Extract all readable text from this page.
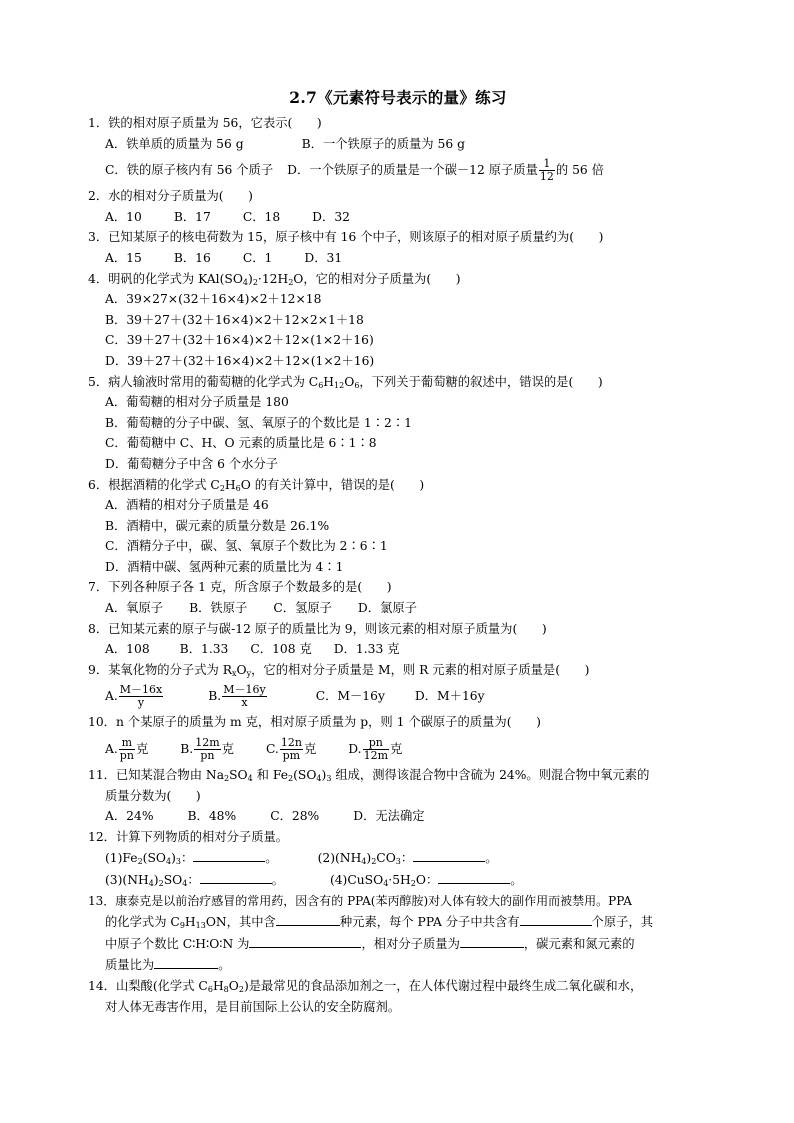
2.7《元素符号表示的量》练习
1．铁的相对原子质量为 56，它表示(　　)
A．铁单质的质量为 56 g	B．一个铁原子的质量为 56 g
C．铁的原子核内有 56 个质子 D．一个铁原子的质量是一个碳－12 原子质量 $\frac{1}{12}$ 的 56 倍
2．水的相对分子质量为(　　)
A．10	B．17	C．18	D．32
3．已知某原子的核电荷数为 15，原子核中有 16 个中子，则该原子的相对原子质量约为(　　)
A．15	B．16	C．1	D．31
4．明矾的化学式为 $KAl(SO_4)_2\cdot 12H_2O$，它的相对分子质量为(　　)
A．39×27×(32＋16×4)×2＋12×18
B．39＋27＋(32＋16×4)×2＋12×2×1＋18
C．39＋27＋(32＋16×4)×2＋12×(1×2＋16)
D．39＋27＋(32＋16×4)×2＋12×(1×2＋16)
5．病人输液时常用的葡萄糖的化学式为 $C_6H_{12}O_6$，下列关于葡萄糖的叙述中，错误的是(　　)
A．葡萄糖的相对分子质量是 180
B．葡萄糖的分子中碳、氢、氧原子的个数比是 1∶2∶1
C．葡萄糖中 C、H、O 元素的质量比是 6∶1∶8
D．葡萄糖分子中含 6 个水分子
6．根据酒精的化学式 $C_2H_6O$ 的有关计算中，错误的是(　　)
A．酒精的相对分子质量是 46
B．酒精中，碳元素的质量分数是 26.1%
C．酒精分子中，碳、氢、氧原子个数比为 2∶6∶1
D．酒精中碳、氢两种元素的质量比为 4∶1
7．下列各种原子各 1 克，所含原子个数最多的是(　　)
A．氧原子 B．铁原子 C．氢原子 D．氯原子
8．已知某元素的原子与碳-12 原子的质量比为 9，则该元素的相对原子质量为(　　)
A．108 B．1.33 C．108 克 D．1.33 克
9．某氧化物的分子式为 $R_xO_y$，它的相对分子质量是 M，则 R 元素的相对原子质量是(　　)
A. $\frac{M-16x}{y}$	B. $\frac{M-16y}{x}$	C．M－16y D．M＋16y
10．n 个某原子的质量为 m 克，相对原子质量为 p，则 1 个碳原子的质量为(　　)
A. $\frac{m}{pn}$ 克	B. $\frac{12m}{pn}$ 克	C. $\frac{12n}{pm}$ 克	D. $\frac{pn}{12m}$ 克
11．已知某混合物由 $Na_2SO_4$ 和 $Fe_2(SO_4)_3$ 组成，测得该混合物中含硫为 24%。则混合物中氧元素的
质量分数为(　　)
A．24%	B．48%	C．28%	D．无法确定
12．计算下列物质的相对分子质量。
$(1)Fe_2(SO_4)_3$：	。	$(2)(NH_4)_2CO_3$：	。
$(3)(NH_4)_2SO_4$：	。	$(4)CuSO_4\cdot 5H_2O$：	。
13．康泰克是以前治疗感冒的常用药，因含有的 PPA(苯丙醇胺)对人体有较大的副作用而被禁用。PPA
的化学式为 $C_9H_{13}ON$，其中含	种元素，每个 PPA 分子中共含有	个原子，其
中原子个数比 C∶H∶O∶N 为	，相对分子质量为	，碳元素和氮元素的
质量比为	。
14．山梨酸(化学式 $C_6H_8O_2$)是最常见的食品添加剂之一，在人体代谢过程中最终生成二氧化碳和水，
对人体无毒害作用，是目前国际上公认的安全防腐剂。
